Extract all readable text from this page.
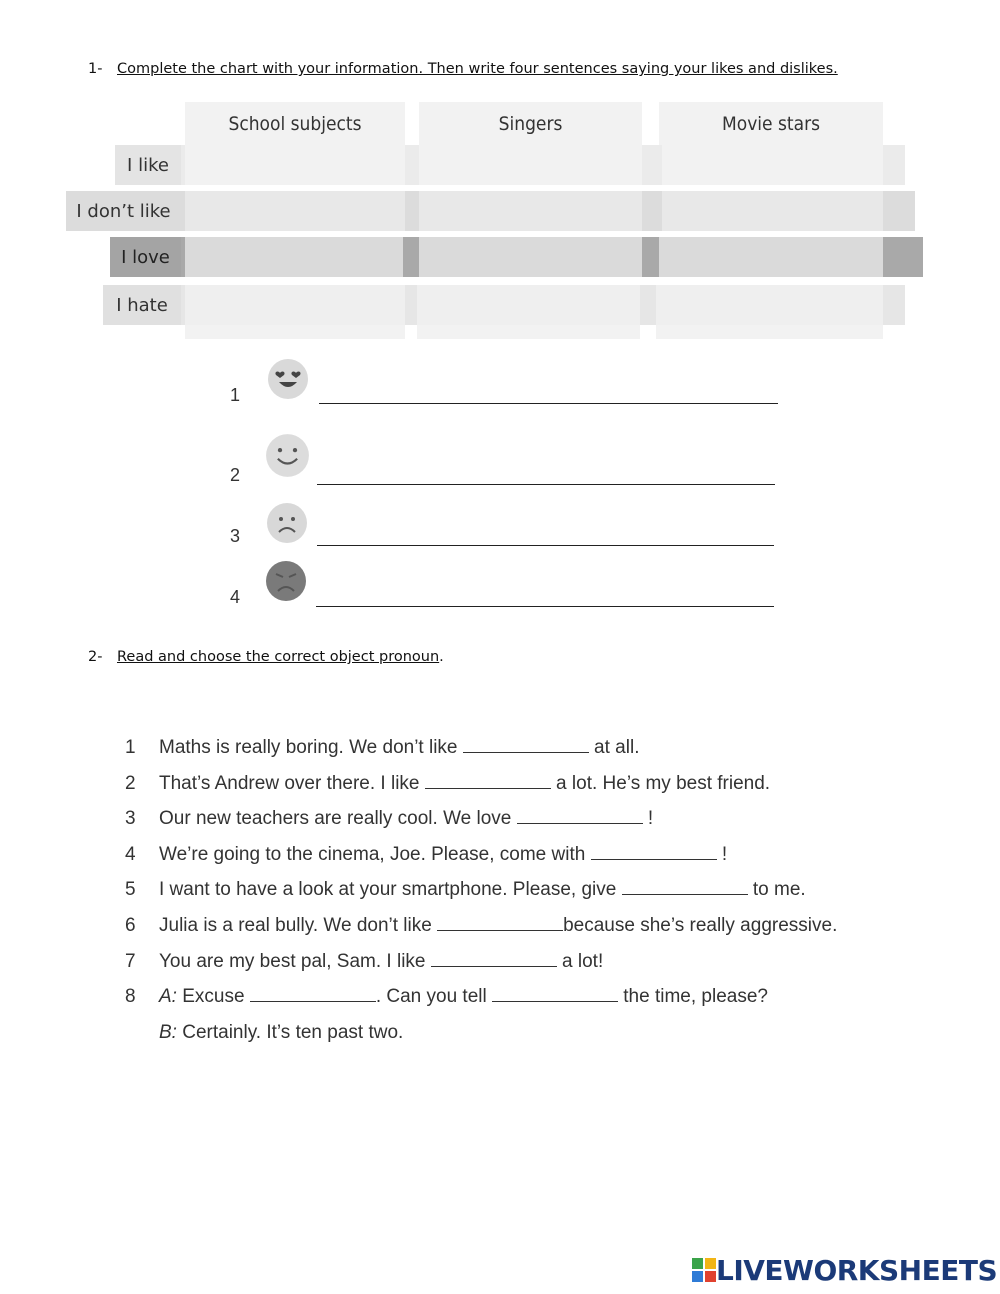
1- Complete the chart with your information. Then write four sentences saying your likes and dislikes.
School subjects	Singers	Movie stars
I like
I don’t like
I love
I hate
1
2
3
4
2- Read and choose the correct object pronoun.
1 Maths is really boring. We don’t like	at all.
2 That’s Andrew over there. I like	a lot. He’s my best friend.
3 Our new teachers are really cool. We love	!
4 We’re going to the cinema, Joe. Please, come with	!
5 I want to have a look at your smartphone. Please, give	to me.
6 Julia is a real bully. We don’t like	because she’s really aggressive.
7 You are my best pal, Sam. I like	a lot!
8 A: Excuse	. Can you tell	the time, please?
B: Certainly. It’s ten past two.
LIVEWORKSHEETS
